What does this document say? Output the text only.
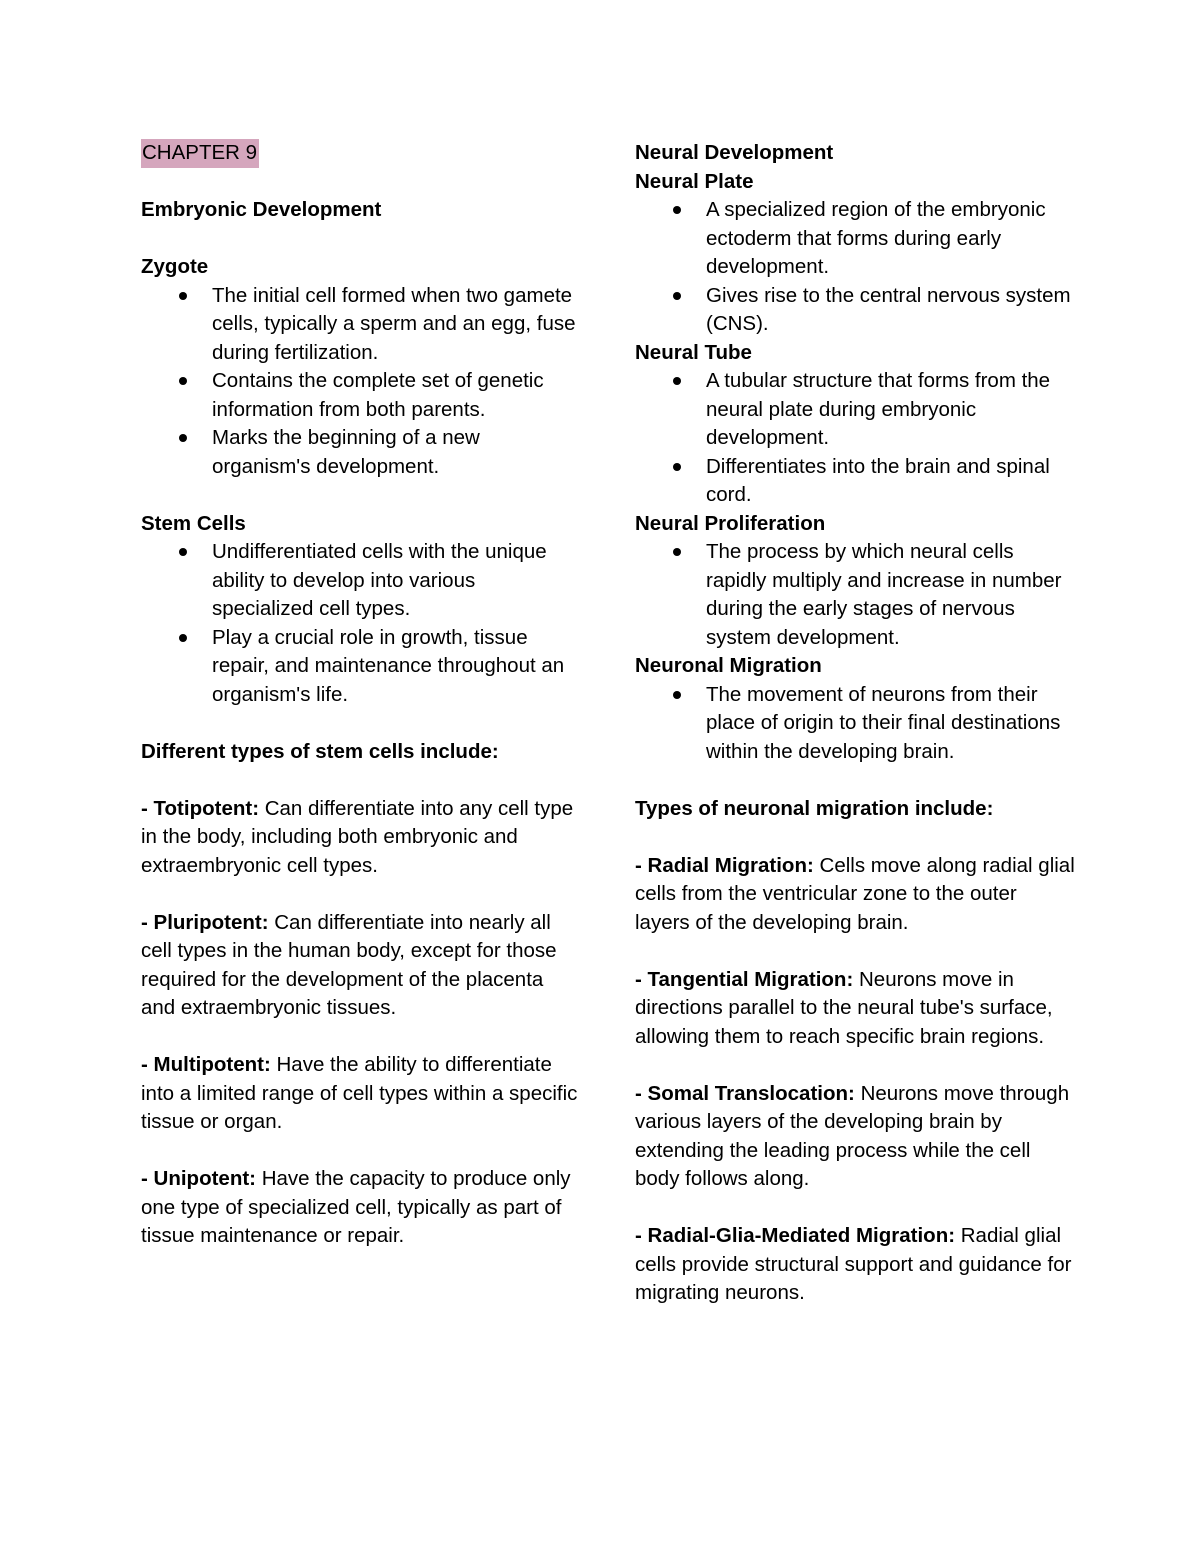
CHAPTER 9
Embryonic Development
Zygote
The initial cell formed when two gamete cells, typically a sperm and an egg, fuse during fertilization.
Contains the complete set of genetic information from both parents.
Marks the beginning of a new organism's development.
Stem Cells
Undifferentiated cells with the unique ability to develop into various specialized cell types.
Play a crucial role in growth, tissue repair, and maintenance throughout an organism's life.
Different types of stem cells include:

- Totipotent: Can differentiate into any cell type in the body, including both embryonic and extraembryonic cell types.

- Pluripotent: Can differentiate into nearly all cell types in the human body, except for those required for the development of the placenta and extraembryonic tissues.

- Multipotent: Have the ability to differentiate into a limited range of cell types within a specific tissue or organ.

- Unipotent: Have the capacity to produce only one type of specialized cell, typically as part of tissue maintenance or repair.

Neural Development
Neural Plate
A specialized region of the embryonic ectoderm that forms during early development.
Gives rise to the central nervous system (CNS).
Neural Tube
A tubular structure that forms from the neural plate during embryonic development.
Differentiates into the brain and spinal cord.
Neural Proliferation
The process by which neural cells rapidly multiply and increase in number during the early stages of nervous system development.
Neuronal Migration
The movement of neurons from their place of origin to their final destinations within the developing brain.
Types of neuronal migration include:

- Radial Migration: Cells move along radial glial cells from the ventricular zone to the outer layers of the developing brain.

- Tangential Migration: Neurons move in directions parallel to the neural tube's surface, allowing them to reach specific brain regions.

- Somal Translocation: Neurons move through various layers of the developing brain by extending the leading process while the cell body follows along.

- Radial-Glia-Mediated Migration: Radial glial cells provide structural support and guidance for migrating neurons.
